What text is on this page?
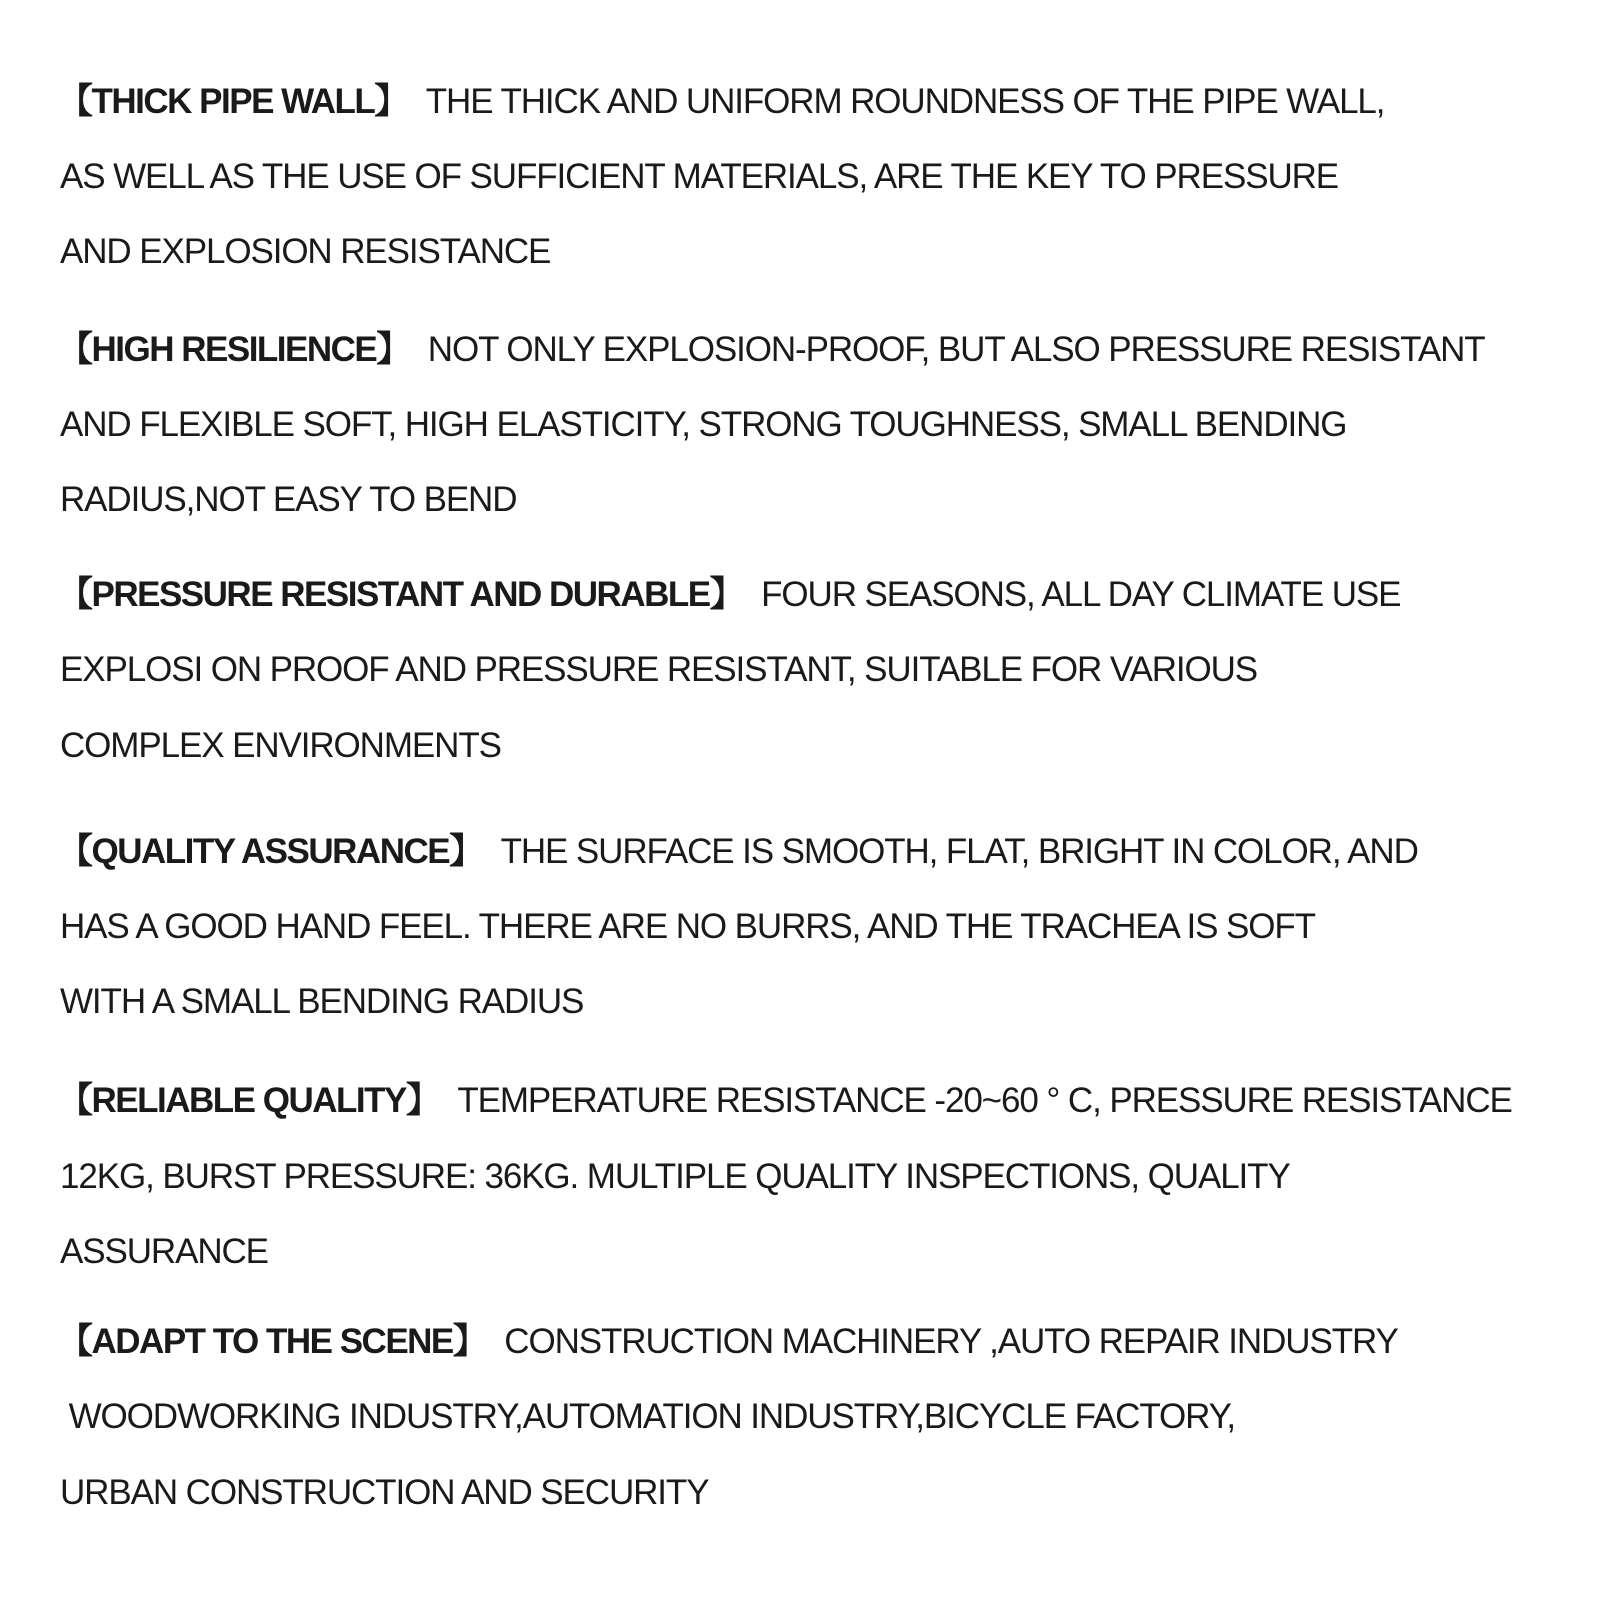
【THICK PIPE WALL】 THE THICK AND UNIFORM ROUNDNESS OF THE PIPE WALL,
AS WELL AS THE USE OF SUFFICIENT MATERIALS, ARE THE KEY TO PRESSURE
AND EXPLOSION RESISTANCE
【HIGH RESILIENCE】 NOT ONLY EXPLOSION-PROOF, BUT ALSO PRESSURE RESISTANT
AND FLEXIBLE SOFT, HIGH ELASTICITY, STRONG TOUGHNESS, SMALL BENDING
RADIUS,NOT EASY TO BEND
【PRESSURE RESISTANT AND DURABLE】 FOUR SEASONS, ALL DAY CLIMATE USE
EXPLOSI ON PROOF AND PRESSURE RESISTANT, SUITABLE FOR VARIOUS
COMPLEX ENVIRONMENTS
【QUALITY ASSURANCE】 THE SURFACE IS SMOOTH, FLAT, BRIGHT IN COLOR, AND
HAS A GOOD HAND FEEL. THERE ARE NO BURRS, AND THE TRACHEA IS SOFT
WITH A SMALL BENDING RADIUS
【RELIABLE QUALITY】 TEMPERATURE RESISTANCE -20~60 ° C, PRESSURE RESISTANCE
12KG, BURST PRESSURE: 36KG. MULTIPLE QUALITY INSPECTIONS, QUALITY
ASSURANCE
【ADAPT TO THE SCENE】 CONSTRUCTION MACHINERY ,AUTO REPAIR INDUSTRY
WOODWORKING INDUSTRY,AUTOMATION INDUSTRY,BICYCLE FACTORY,
URBAN CONSTRUCTION AND SECURITY
